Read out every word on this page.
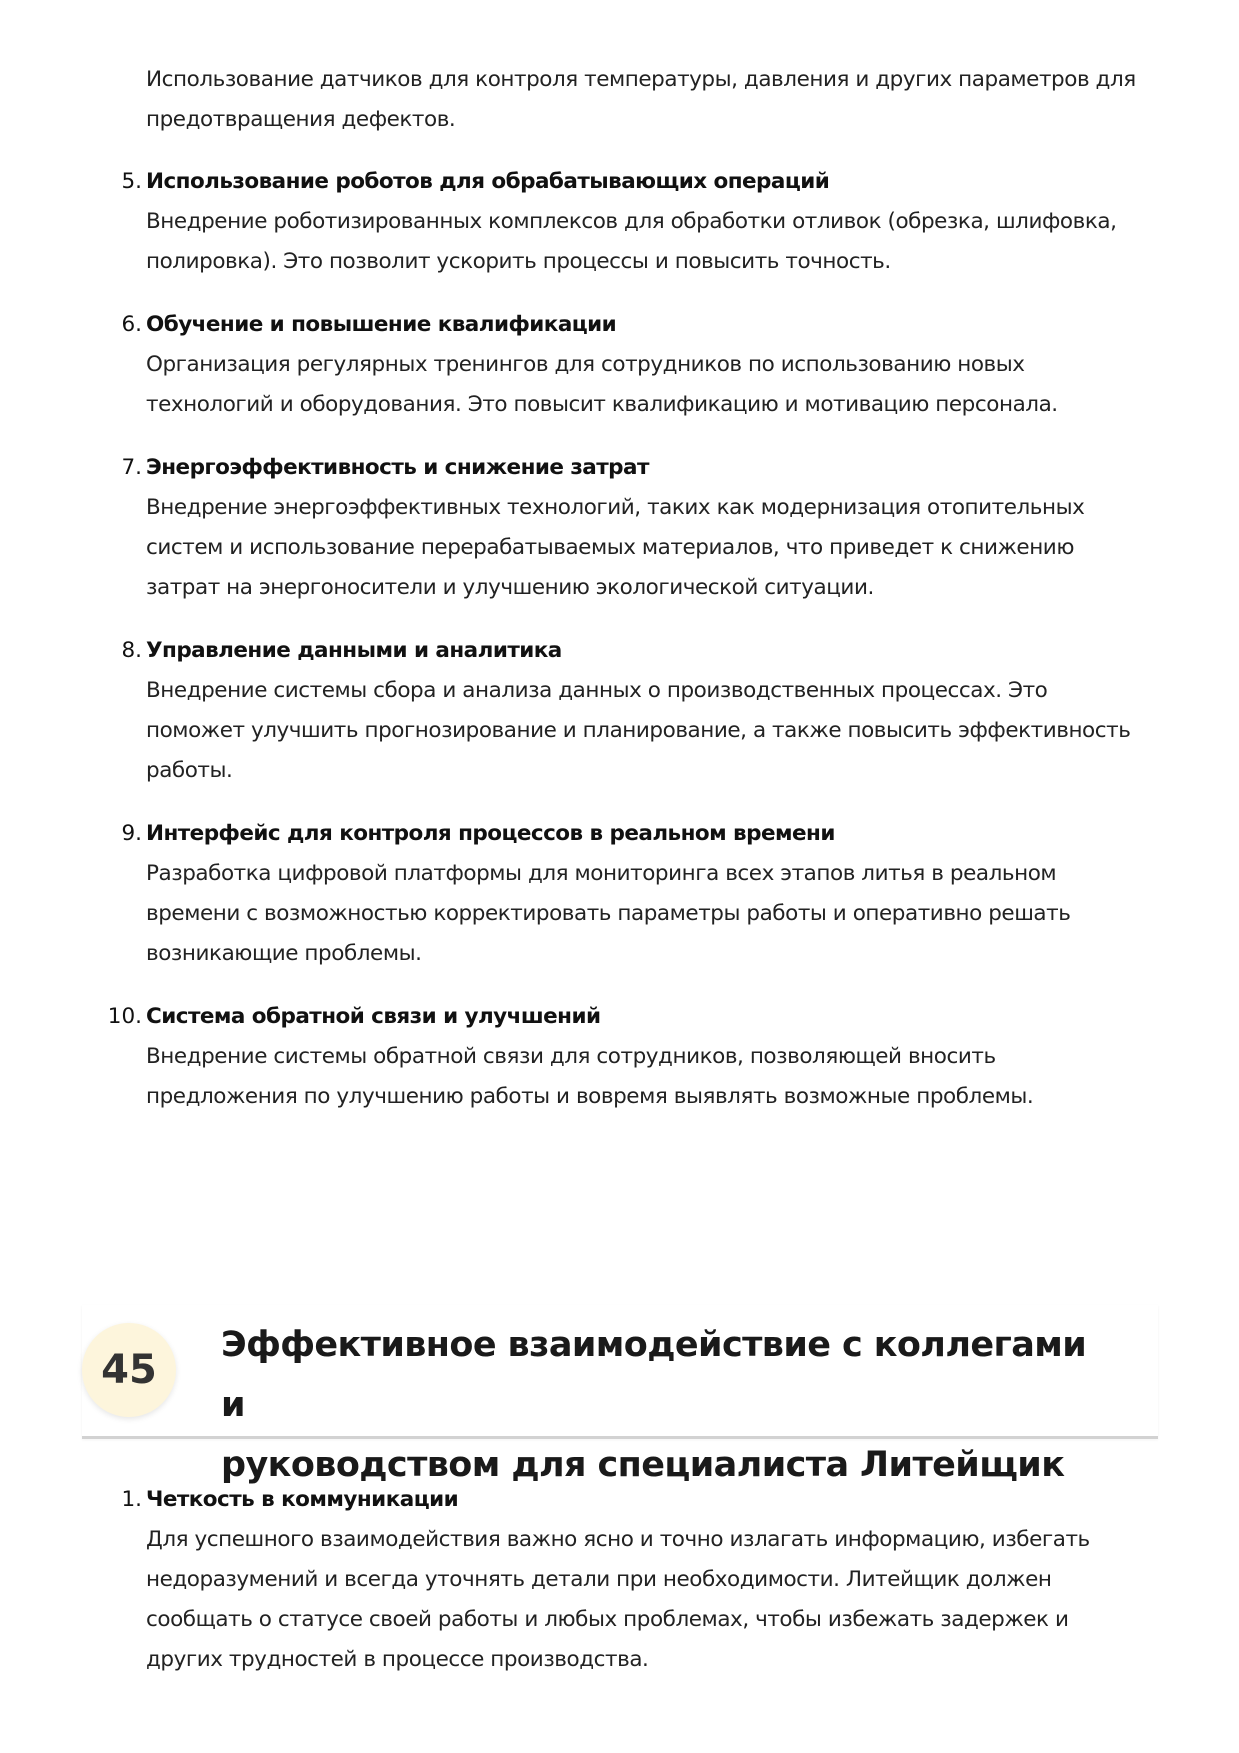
Использование датчиков для контроля температуры, давления и других параметров для предотвращения дефектов.

5. Использование роботов для обрабатывающих операций
Внедрение роботизированных комплексов для обработки отливок (обрезка, шлифовка, полировка). Это позволит ускорить процессы и повысить точность.
6. Обучение и повышение квалификации
Организация регулярных тренингов для сотрудников по использованию новых технологий и оборудования. Это повысит квалификацию и мотивацию персонала.
7. Энергоэффективность и снижение затрат
Внедрение энергоэффективных технологий, таких как модернизация отопительных систем и использование перерабатываемых материалов, что приведет к снижению затрат на энергоносители и улучшению экологической ситуации.
8. Управление данными и аналитика
Внедрение системы сбора и анализа данных о производственных процессах. Это поможет улучшить прогнозирование и планирование, а также повысить эффективность работы.
9. Интерфейс для контроля процессов в реальном времени
Разработка цифровой платформы для мониторинга всех этапов литья в реальном времени с возможностью корректировать параметры работы и оперативно решать возникающие проблемы.
10. Система обратной связи и улучшений
Внедрение системы обратной связи для сотрудников, позволяющей вносить предложения по улучшению работы и вовремя выявлять возможные проблемы.
45
Эффективное взаимодействие с коллегами и
руководством для специалиста Литейщик
1. Четкость в коммуникации
Для успешного взаимодействия важно ясно и точно излагать информацию, избегать недоразумений и всегда уточнять детали при необходимости. Литейщик должен сообщать о статусе своей работы и любых проблемах, чтобы избежать задержек и других трудностей в процессе производства.
